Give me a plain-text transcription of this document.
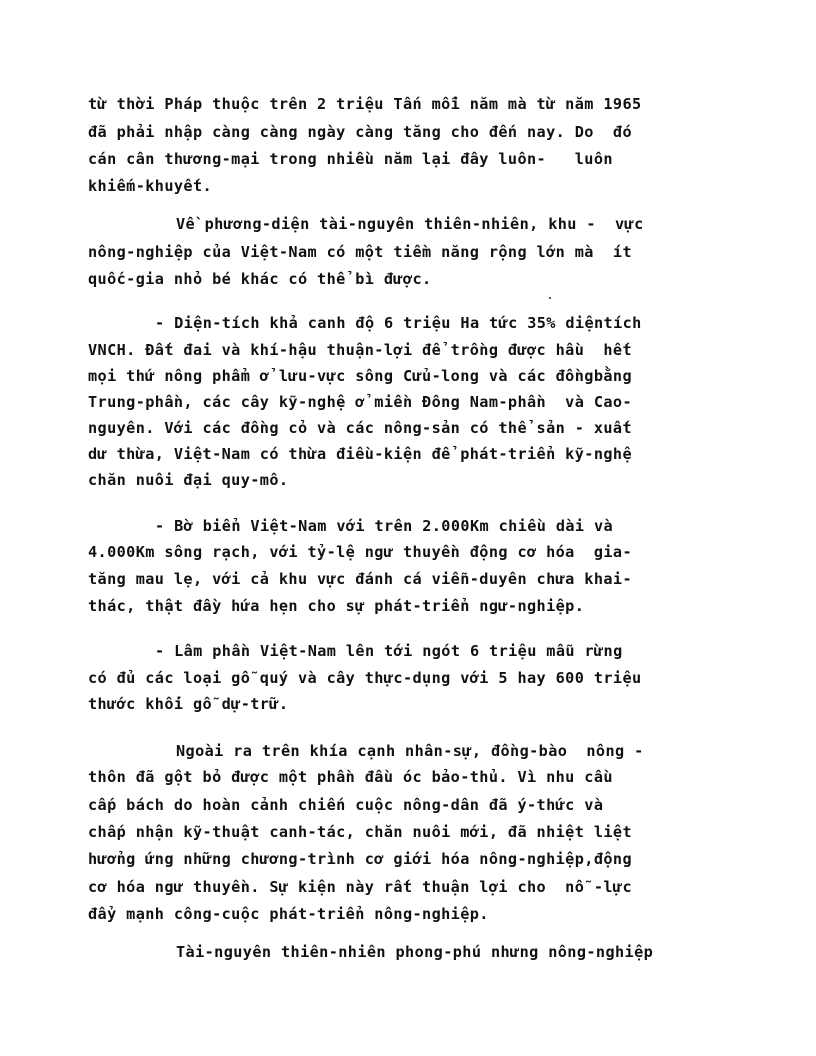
từ thời Pháp thuộc trên 2 triệu Tấn mỗi năm mà từ năm 1965
đã phải nhập càng càng ngày càng tăng cho đến nay. Do  đó
cán cân thương-mại trong nhiều năm lại đây luôn-   luôn
khiếm-khuyết.
Về phương-diện tài-nguyên thiên-nhiên, khu -  vực
nông-nghiệp của Việt-Nam có một tiềm năng rộng lớn mà  ít
quốc-gia nhỏ bé khác có thể bì được.
- Diện-tích khả canh độ 6 triệu Ha tức 35% diệntích
VNCH. Đất đai và khí-hậu thuận-lợi để trồng được hầu  hết
mọi thứ nông phẩm ở lưu-vực sông Cửu-long và các đồngbằng
Trung-phần, các cây kỹ-nghệ ở miền Đông Nam-phần  và Cao-
nguyên. Với các đồng cỏ và các nông-sản có thể sản - xuất
dư thừa, Việt-Nam có thừa điều-kiện để phát-triển kỹ-nghệ
chăn nuôi đại quy-mô.
- Bờ biển Việt-Nam với trên 2.000Km chiều dài và
4.000Km sông rạch, với tỷ-lệ ngư thuyền động cơ hóa  gia-
tăng mau lẹ, với cả khu vực đánh cá viễn-duyên chưa khai-
thác, thật đầy hứa hẹn cho sự phát-triển ngư-nghiệp.
- Lâm phần Việt-Nam lên tới ngót 6 triệu mẫu rừng
có đủ các loại gỗ quý và cây thực-dụng với 5 hay 600 triệu
thước khối gỗ dự-trữ.
Ngoài ra trên khía cạnh nhân-sự, đồng-bào  nông -
thôn đã gột bỏ được một phần đầu óc bảo-thủ. Vì nhu cầu
cấp bách do hoàn cảnh chiến cuộc nông-dân đã ý-thức và
chấp nhận kỹ-thuật canh-tác, chăn nuôi mới, đã nhiệt liệt
hưởng ứng những chương-trình cơ giới hóa nông-nghiệp,động
cơ hóa ngư thuyền. Sự kiện này rất thuận lợi cho  nỗ -lực
đẩy mạnh công-cuộc phát-triển nông-nghiệp.
Tài-nguyên thiên-nhiên phong-phú nhưng nông-nghiệp
